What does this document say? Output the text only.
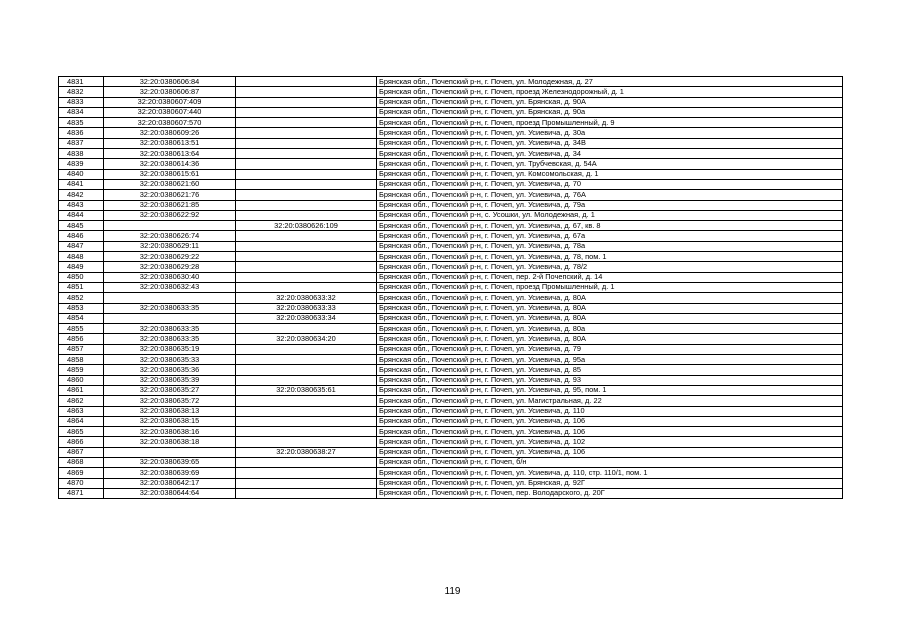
4831	32:20:0380606:84		Брянская обл., Почепский р-н, г. Почеп, ул. Молодежная, д. 27
4832	32:20:0380606:87		Брянская обл., Почепский р-н, г. Почеп, проезд Железнодорожный, д. 1
4833	32:20:0380607:409		Брянская обл., Почепский р-н, г. Почеп, ул. Брянская, д. 90А
4834	32:20:0380607:440		Брянская обл., Почепский р-н, г. Почеп, ул. Брянская, д. 90а
4835	32:20:0380607:570		Брянская обл., Почепский р-н, г. Почеп, проезд Промышленный, д. 9
4836	32:20:0380609:26		Брянская обл., Почепский р-н, г. Почеп, ул. Усиевича, д. 30а
4837	32:20:0380613:51		Брянская обл., Почепский р-н, г. Почеп, ул. Усиевича, д. 34В
4838	32:20:0380613:64		Брянская обл., Почепский р-н, г. Почеп, ул. Усиевича, д. 34
4839	32:20:0380614:36		Брянская обл., Почепский р-н, г. Почеп, ул. Трубчевская, д. 54А
4840	32:20:0380615:61		Брянская обл., Почепский р-н, г. Почеп, ул. Комсомольская, д. 1
4841	32:20:0380621:60		Брянская обл., Почепский р-н, г. Почеп, ул. Усиевича, д. 70
4842	32:20:0380621:76		Брянская обл., Почепский р-н, г. Почеп, ул. Усиевича, д. 76А
4843	32:20:0380621:85		Брянская обл., Почепский р-н, г. Почеп, ул. Усиевича, д. 79а
4844	32:20:0380622:92		Брянская обл., Почепский р-н, с. Усошки, ул. Молодежная, д. 1
4845		32:20:0380626:109	Брянская обл., Почепский р-н, г. Почеп, ул. Усиевича, д. 67, кв. 8
4846	32:20:0380626:74		Брянская обл., Почепский р-н, г. Почеп, ул. Усиевича, д. 67а
4847	32:20:0380629:11		Брянская обл., Почепский р-н, г. Почеп, ул. Усиевича, д. 78а
4848	32:20:0380629:22		Брянская обл., Почепский р-н, г. Почеп, ул. Усиевича, д. 78, пом. 1
4849	32:20:0380629:28		Брянская обл., Почепский р-н, г. Почеп, ул. Усиевича, д. 78/2
4850	32:20:0380630:40		Брянская обл., Почепский р-н, г. Почеп, пер. 2-й Почепский, д. 14
4851	32:20:0380632:43		Брянская обл., Почепский р-н, г. Почеп, проезд Промышленный, д. 1
4852		32:20:0380633:32	Брянская обл., Почепский р-н, г. Почеп, ул. Усиевича, д. 80А
4853	32:20:0380633:35	32:20:0380633:33	Брянская обл., Почепский р-н, г. Почеп, ул. Усиевича, д. 80А
4854		32:20:0380633:34	Брянская обл., Почепский р-н, г. Почеп, ул. Усиевича, д. 80А
4855	32:20:0380633:35		Брянская обл., Почепский р-н, г. Почеп, ул. Усиевича, д. 80а
4856	32:20:0380633:35	32:20:0380634:20	Брянская обл., Почепский р-н, г. Почеп, ул. Усиевича, д. 80А
4857	32:20:0380635:19		Брянская обл., Почепский р-н, г. Почеп, ул. Усиевича, д. 79
4858	32:20:0380635:33		Брянская обл., Почепский р-н, г. Почеп, ул. Усиевича, д. 95а
4859	32:20:0380635:36		Брянская обл., Почепский р-н, г. Почеп, ул. Усиевича, д. 85
4860	32:20:0380635:39		Брянская обл., Почепский р-н, г. Почеп, ул. Усиевича, д. 93
4861	32:20:0380635:27	32:20:0380635:61	Брянская обл., Почепский р-н, г. Почеп, ул. Усиевича, д. 95, пом. 1
4862	32:20:0380635:72		Брянская обл., Почепский р-н, г. Почеп, ул. Магистральная, д. 22
4863	32:20:0380638:13		Брянская обл., Почепский р-н, г. Почеп, ул. Усиевича, д. 110
4864	32:20:0380638:15		Брянская обл., Почепский р-н, г. Почеп, ул. Усиевича, д. 106
4865	32:20:0380638:16		Брянская обл., Почепский р-н, г. Почеп, ул. Усиевича, д. 106
4866	32:20:0380638:18		Брянская обл., Почепский р-н, г. Почеп, ул. Усиевича, д. 102
4867		32:20:0380638:27	Брянская обл., Почепский р-н, г. Почеп, ул. Усиевича, д. 106
4868	32:20:0380639:65		Брянская обл., Почепский р-н, г. Почеп, б/н
4869	32:20:0380639:69		Брянская обл., Почепский р-н, г. Почеп, ул. Усиевича, д. 110, стр. 110/1, пом. 1
4870	32:20:0380642:17		Брянская обл., Почепский р-н, г. Почеп, ул. Брянская, д. 92Г
4871	32:20:0380644:64		Брянская обл., Почепский р-н, г. Почеп, пер. Володарского, д. 20Г
119
